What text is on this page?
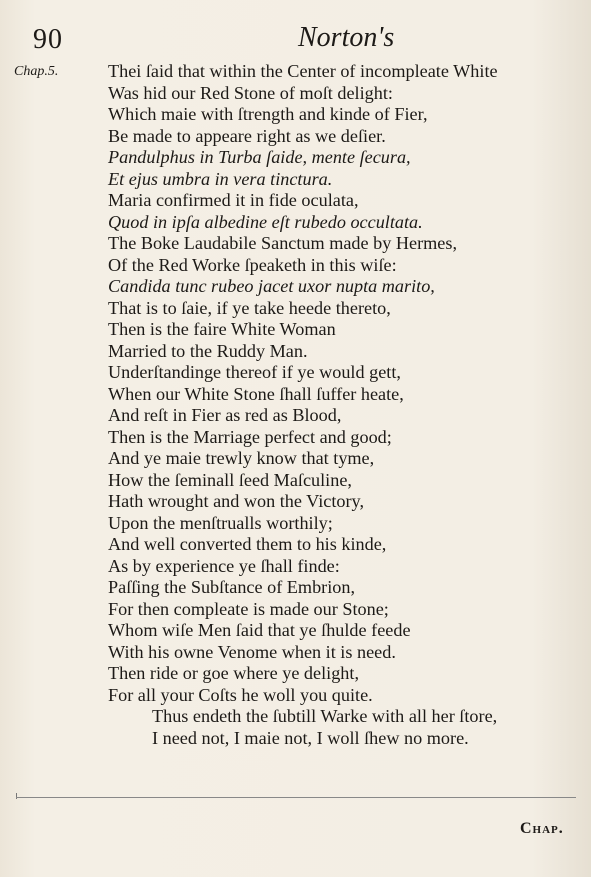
90	Norton's
Chap.5.	Thei ſaid that within the Center of incompleate White
Was hid our Red Stone of moſt delight:
Which maie with ſtrength and kinde of Fier,
Be made to appeare right as we deſier.
Pandulphus in Turba ſaide, mente ſecura,
Et ejus umbra in vera tinctura.
Maria confirmed it in fide oculata,
Quod in ipſa albedine eſt rubedo occultata.
The Boke Laudabile Sanctum made by Hermes,
Of the Red Worke ſpeaketh in this wiſe:
Candida tunc rubeo jacet uxor nupta marito,
That is to ſaie, if ye take heede thereto,
Then is the faire White Woman
Married to the Ruddy Man.
Underſtandinge thereof if ye would gett,
When our White Stone ſhall ſuffer heate,
And reſt in Fier as red as Blood,
Then is the Marriage perfect and good;
And ye maie trewly know that tyme,
How the ſeminall ſeed Maſculine,
Hath wrought and won the Victory,
Upon the menſtrualls worthily;
And well converted them to his kinde,
As by experience ye ſhall finde:
Paſſing the Subſtance of Embrion,
For then compleate is made our Stone;
Whom wiſe Men ſaid that ye ſhulde feede
With his owne Venome when it is need.
Then ride or goe where ye delight,
For all your Coſts he woll you quite.
Thus endeth the ſubtill Warke with all her ſtore,
I need not, I maie not, I woll ſhew no more.
Chap.
